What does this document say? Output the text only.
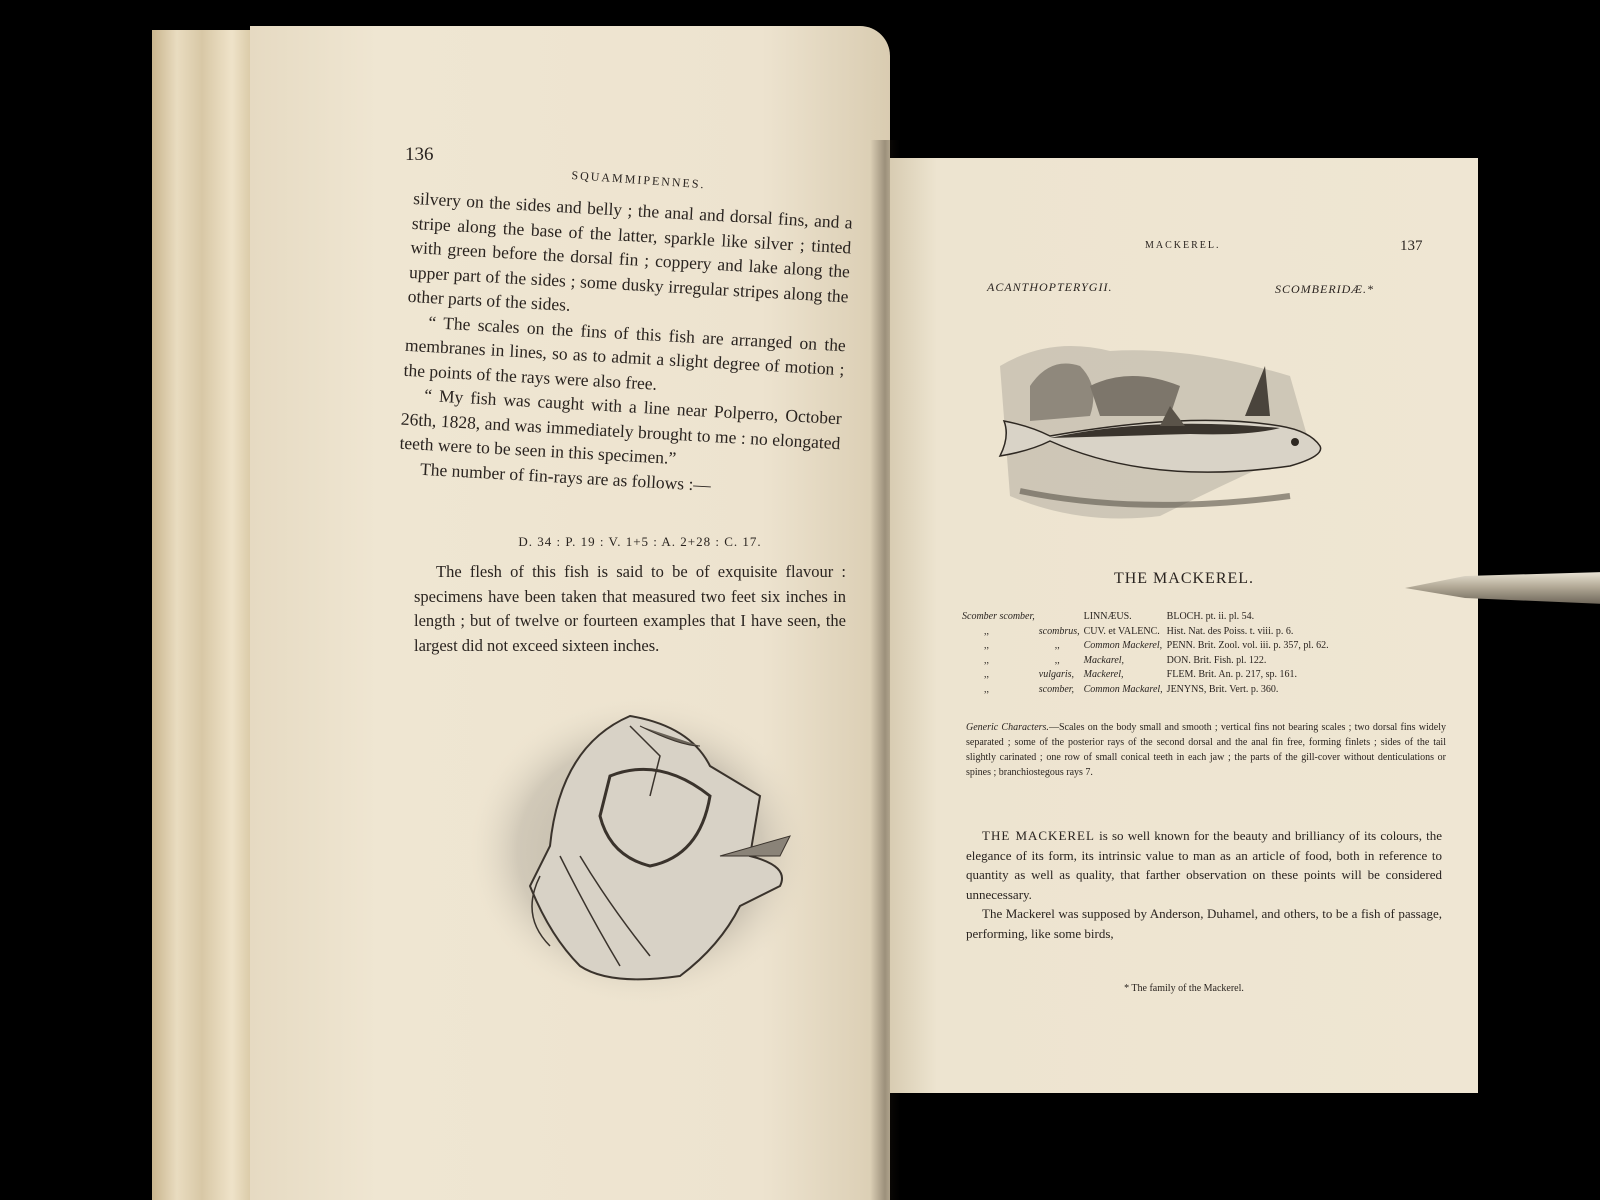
136
SQUAMMIPENNES.

silvery on the sides and belly ; the anal and dorsal fins, and a stripe along the base of the latter, sparkle like silver ; tinted with green before the dorsal fin ; coppery and lake along the upper part of the sides ; some dusky irregular stripes along the other parts of the sides.

“ The scales on the fins of this fish are arranged on the membranes in lines, so as to admit a slight degree of motion ; the points of the rays were also free.

“ My fish was caught with a line near Polperro, October 26th, 1828, and was immediately brought to me : no elongated teeth were to be seen in this specimen.”

The number of fin-rays are as follows :—

D. 34 : P. 19 : V. 1+5 : A. 2+28 : C. 17.

The flesh of this fish is said to be of exquisite flavour : specimens have been taken that measured two feet six inches in length ; but of twelve or fourteen examples that I have seen, the largest did not exceed sixteen inches.

MACKEREL.	137
ACANTHOPTERYGII.	SCOMBERIDÆ.*
THE MACKEREL.
Scomber scomber,		LINNÆUS.	BLOCH. pt. ii. pl. 54.
,,	scombrus,	CUV. et VALENC.	Hist. Nat. des Poiss. t. viii. p. 6.
,,	,,	Common Mackerel,	PENN. Brit. Zool. vol. iii. p. 357, pl. 62.
,,	,,	Mackarel,	DON. Brit. Fish. pl. 122.
,,	vulgaris,	Mackerel,	FLEM. Brit. An. p. 217, sp. 161.
,,	scomber,	Common Mackarel,	JENYNS, Brit. Vert. p. 360.
Generic Characters.—Scales on the body small and smooth ; vertical fins not bearing scales ; two dorsal fins widely separated ; some of the posterior rays of the second dorsal and the anal fin free, forming finlets ; sides of the tail slightly carinated ; one row of small conical teeth in each jaw ; the parts of the gill-cover without denticulations or spines ; branchiostegous rays 7.

THE MACKEREL is so well known for the beauty and brilliancy of its colours, the elegance of its form, its intrinsic value to man as an article of food, both in reference to quantity as well as quality, that farther observation on these points will be considered unnecessary.

The Mackerel was supposed by Anderson, Duhamel, and others, to be a fish of passage, performing, like some birds,

* The family of the Mackerel.
